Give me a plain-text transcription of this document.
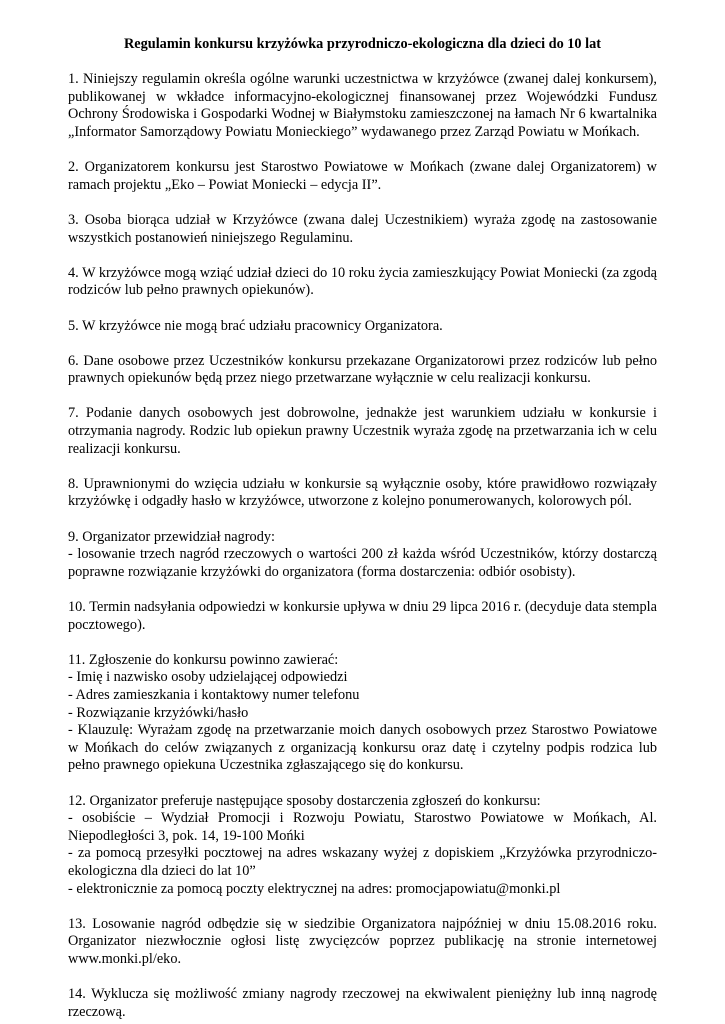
Regulamin konkursu krzyżówka przyrodniczo-ekologiczna dla dzieci do 10 lat
1. Niniejszy regulamin określa ogólne warunki uczestnictwa w krzyżówce (zwanej dalej konkursem), publikowanej w wkładce informacyjno-ekologicznej finansowanej przez Wojewódzki Fundusz Ochrony Środowiska i Gospodarki Wodnej w Białymstoku zamieszczonej na łamach Nr 6 kwartalnika „Informator Samorządowy Powiatu Monieckiego” wydawanego przez Zarząd Powiatu w Mońkach.
2. Organizatorem konkursu jest Starostwo Powiatowe w Mońkach (zwane dalej Organizatorem) w ramach projektu „Eko – Powiat Moniecki – edycja II”.
3. Osoba biorąca udział w Krzyżówce (zwana dalej Uczestnikiem) wyraża zgodę na zastosowanie wszystkich postanowień niniejszego Regulaminu.
4. W krzyżówce mogą wziąć udział dzieci do 10 roku życia zamieszkujący Powiat Moniecki (za zgodą rodziców lub pełno prawnych opiekunów).
5. W krzyżówce nie mogą brać udziału pracownicy Organizatora.
6. Dane osobowe przez Uczestników konkursu przekazane Organizatorowi przez rodziców lub pełno prawnych opiekunów będą przez niego przetwarzane wyłącznie w celu realizacji konkursu.
7. Podanie danych osobowych jest dobrowolne, jednakże jest warunkiem udziału w konkursie i otrzymania nagrody. Rodzic lub opiekun prawny Uczestnik wyraża zgodę na przetwarzania ich w celu realizacji konkursu.
8. Uprawnionymi do wzięcia udziału w konkursie są wyłącznie osoby, które prawidłowo rozwiązały krzyżówkę i odgadły hasło w krzyżówce, utworzone z kolejno ponumerowanych, kolorowych pól.
9. Organizator przewidział nagrody:
- losowanie trzech nagród rzeczowych o wartości 200 zł każda wśród Uczestników, którzy dostarczą poprawne rozwiązanie krzyżówki do organizatora (forma dostarczenia: odbiór osobisty).
10. Termin nadsyłania odpowiedzi w konkursie upływa w dniu 29 lipca 2016 r. (decyduje data stempla pocztowego).
11. Zgłoszenie do konkursu powinno zawierać:
- Imię i nazwisko osoby udzielającej odpowiedzi
- Adres zamieszkania i kontaktowy numer telefonu
- Rozwiązanie krzyżówki/hasło
- Klauzulę: Wyrażam zgodę na przetwarzanie moich danych osobowych przez Starostwo Powiatowe w Mońkach do celów związanych z organizacją konkursu oraz datę i czytelny podpis rodzica lub pełno prawnego opiekuna Uczestnika zgłaszającego się do konkursu.
12. Organizator preferuje następujące sposoby dostarczenia zgłoszeń do konkursu:
- osobiście – Wydział Promocji i Rozwoju Powiatu, Starostwo Powiatowe w Mońkach, Al. Niepodległości 3, pok. 14, 19-100 Mońki
- za pomocą przesyłki pocztowej na adres wskazany wyżej z dopiskiem „Krzyżówka przyrodniczo-ekologiczna dla dzieci do lat 10”
- elektronicznie za pomocą poczty elektrycznej na adres: promocjapowiatu@monki.pl
13. Losowanie nagród odbędzie się w siedzibie Organizatora najpóźniej w dniu 15.08.2016 roku. Organizator niezwłocznie ogłosi listę zwycięzców poprzez publikację na stronie internetowej www.monki.pl/eko.
14. Wyklucza się możliwość zmiany nagrody rzeczowej na ekwiwalent pieniężny lub inną nagrodę rzeczową.
